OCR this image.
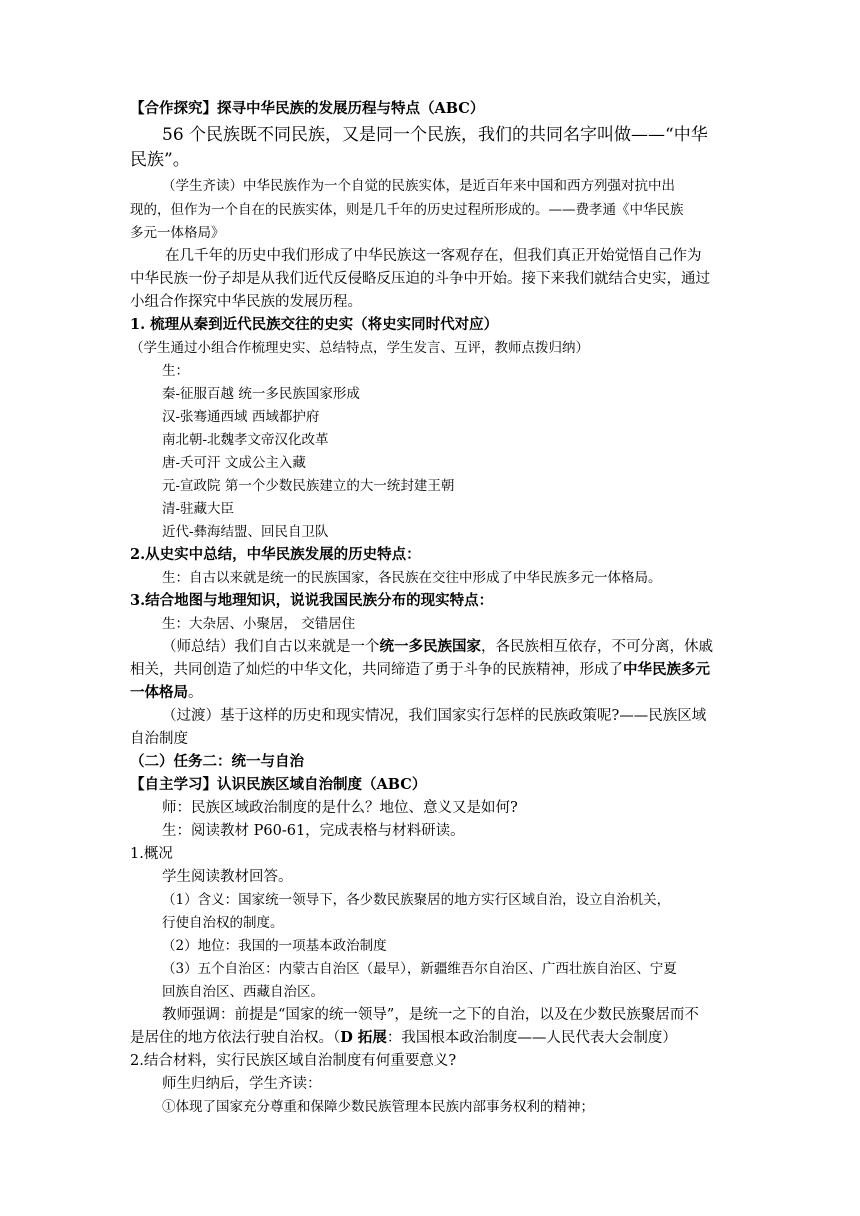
【合作探究】探寻中华民族的发展历程与特点（ABC）
56 个民族既不同民族，又是同一个民族，我们的共同名字叫做——“中华
民族”。
（学生齐读）中华民族作为一个自觉的民族实体，是近百年来中国和西方列强对抗中出
现的，但作为一个自在的民族实体，则是几千年的历史过程所形成的。——费孝通《中华民族
多元一体格局》
在几千年的历史中我们形成了中华民族这一客观存在，但我们真正开始觉悟自己作为
中华民族一份子却是从我们近代反侵略反压迫的斗争中开始。接下来我们就结合史实，通过
小组合作探究中华民族的发展历程。
1. 梳理从秦到近代民族交往的史实（将史实同时代对应）
（学生通过小组合作梳理史实、总结特点，学生发言、互评，教师点拨归纳）
生：
秦-征服百越 统一多民族国家形成
汉-张骞通西域 西域都护府
南北朝-北魏孝文帝汉化改革
唐-夭可汗 文成公主入藏
元-宣政院 第一个少数民族建立的大一统封建王朝
清-驻藏大臣
近代-彝海结盟、回民自卫队
2.从史实中总结，中华民族发展的历史特点：
生：自古以来就是统一的民族国家，各民族在交往中形成了中华民族多元一体格局。
3.结合地图与地理知识，说说我国民族分布的现实特点：
生：大杂居、小聚居， 交错居住
（师总结）我们自古以来就是一个统一多民族国家，各民族相互依存，不可分离，休戚
相关，共同创造了灿烂的中华文化，共同缔造了勇于斗争的民族精神，形成了中华民族多元
一体格局。
（过渡）基于这样的历史和现实情况，我们国家实行怎样的民族政策呢?——民族区域
自治制度
（二）任务二：统一与自治
【自主学习】认识民族区域自治制度（ABC）
师：民族区域政治制度的是什么？地位、意义又是如何?
生：阅读教材 P60-61，完成表格与材料研读。
1.概况
学生阅读教材回答。
（1）含义：国家统一领导下，各少数民族聚居的地方实行区域自治，设立自治机关，
行使自治权的制度。
（2）地位：我国的一项基本政治制度
（3）五个自治区：内蒙古自治区（最早），新疆维吾尔自治区、广西壮族自治区、宁夏
回族自治区、西藏自治区。
教师强调：前提是“国家的统一领导”，是统一之下的自治，以及在少数民族聚居而不
是居住的地方依法行驶自治权。（D 拓展：我国根本政治制度——人民代表大会制度）
2.结合材料，实行民族区域自治制度有何重要意义?
师生归纳后，学生齐读：
①体现了国家充分尊重和保障少数民族管理本民族内部事务权利的精神；
